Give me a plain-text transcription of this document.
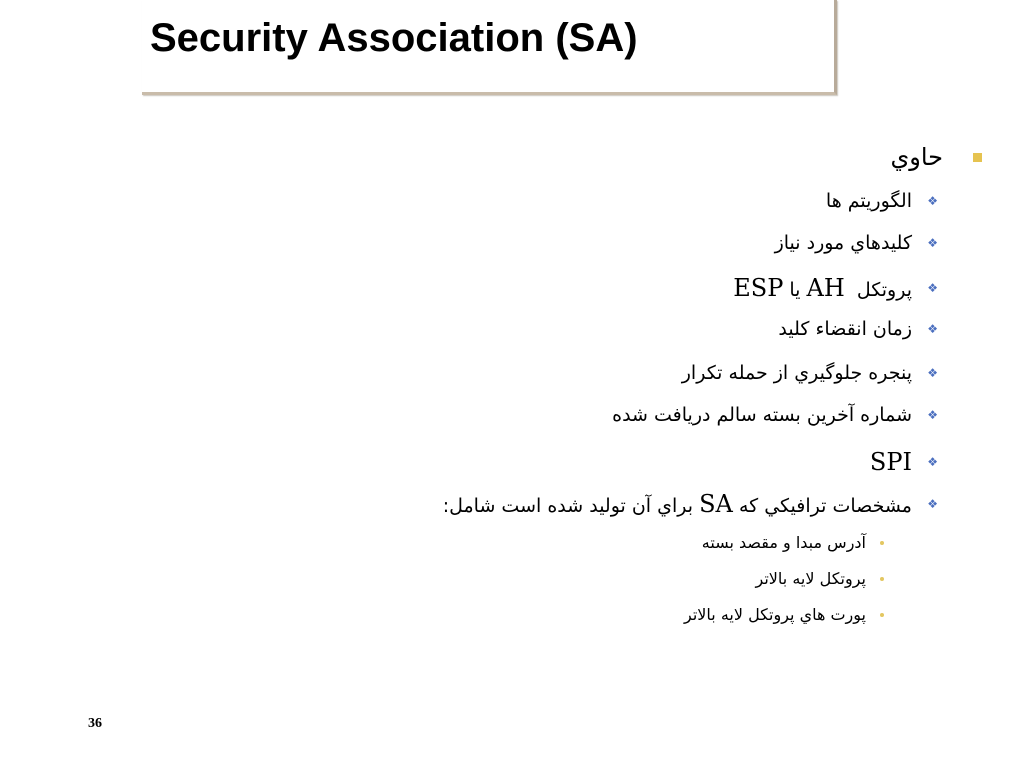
Security Association (SA)
حاوي
❖
الگوريتم ها
❖
كليدهاي مورد نياز
❖
پروتكل  AH يا ESP
❖
زمان انقضاء كليد
❖
پنجره جلوگيري از حمله تكرار
❖
شماره آخرين بسته سالم دريافت شده
❖
SPI
❖
مشخصات ترافيكي كه SA براي آن توليد شده است شامل:
آدرس مبدا و مقصد بسته
پروتكل لايه بالاتر
پورت هاي پروتكل لايه بالاتر
36
